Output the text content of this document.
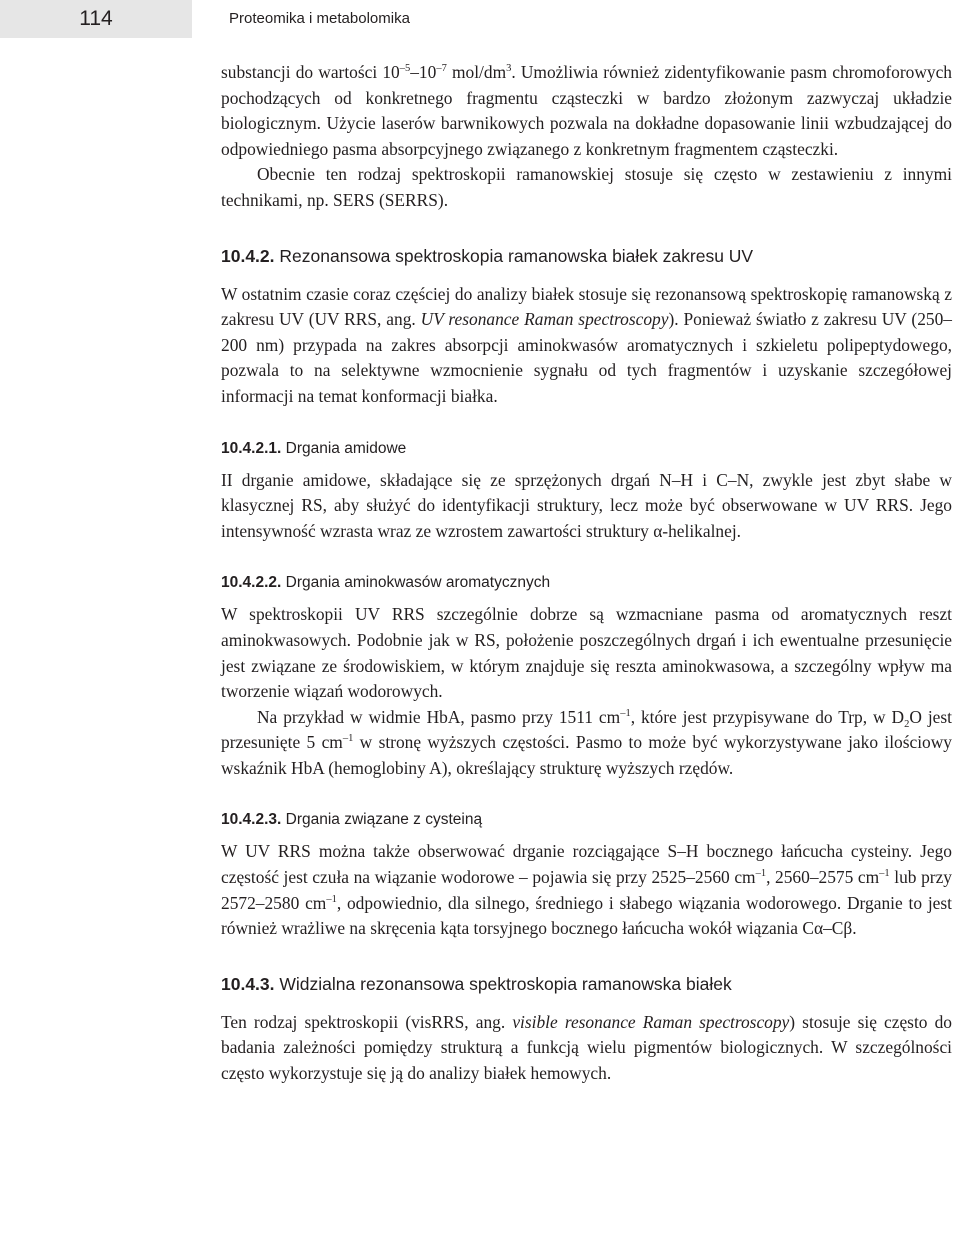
114	Proteomika i metabolomika

substancji do wartości $10^{-5}-10^{-7}$ mol/$dm^3$. Umożliwia również zidentyfikowanie pasm chromoforowych pochodzących od konkretnego fragmentu cząsteczki w bardzo złożonym zazwyczaj układzie biologicznym. Użycie laserów barwnikowych pozwala na dokładne dopasowanie linii wzbudzającej do odpowiedniego pasma absorpcyjnego związanego z konkretnym fragmentem cząsteczki.

Obecnie ten rodzaj spektroskopii ramanowskiej stosuje się często w zestawieniu z innymi technikami, np. SERS (SERRS).

10.4.2. Rezonansowa spektroskopia ramanowska białek zakresu UV

W ostatnim czasie coraz częściej do analizy białek stosuje się rezonansową spektroskopię ramanowską z zakresu UV (UV RRS, ang. UV resonance Raman spectroscopy). Ponieważ światło z zakresu UV (250–200 nm) przypada na zakres absorpcji aminokwasów aromatycznych i szkieletu polipeptydowego, pozwala to na selektywne wzmocnienie sygnału od tych fragmentów i uzyskanie szczegółowej informacji na temat konformacji białka.

10.4.2.1. Drgania amidowe

II drganie amidowe, składające się ze sprzężonych drgań N–H i C–N, zwykle jest zbyt słabe w klasycznej RS, aby służyć do identyfikacji struktury, lecz może być obserwowane w UV RRS. Jego intensywność wzrasta wraz ze wzrostem zawartości struktury α-helikalnej.

10.4.2.2. Drgania aminokwasów aromatycznych

W spektroskopii UV RRS szczególnie dobrze są wzmacniane pasma od aromatycznych reszt aminokwasowych. Podobnie jak w RS, położenie poszczególnych drgań i ich ewentualne przesunięcie jest związane ze środowiskiem, w którym znajduje się reszta aminokwasowa, a szczególny wpływ ma tworzenie wiązań wodorowych.

Na przykład w widmie HbA, pasmo przy 1511 $cm^{-1}$, które jest przypisywane do Trp, w $D_2O$ jest przesunięte 5 $cm^{-1}$ w stronę wyższych częstości. Pasmo to może być wykorzystywane jako ilościowy wskaźnik HbA (hemoglobiny A), określający strukturę wyższych rzędów.

10.4.2.3. Drgania związane z cysteiną

W UV RRS można także obserwować drganie rozciągające S–H bocznego łańcucha cysteiny. Jego częstość jest czuła na wiązanie wodorowe – pojawia się przy 2525–2560 $cm^{-1}$, 2560–2575 $cm^{-1}$ lub przy 2572–2580 $cm^{-1}$, odpowiednio, dla silnego, średniego i słabego wiązania wodorowego. Drganie to jest również wrażliwe na skręcenia kąta torsyjnego bocznego łańcucha wokół wiązania Cα–Cβ.

10.4.3. Widzialna rezonansowa spektroskopia ramanowska białek

Ten rodzaj spektroskopii (visRRS, ang. visible resonance Raman spectroscopy) stosuje się często do badania zależności pomiędzy strukturą a funkcją wielu pigmentów biologicznych. W szczególności często wykorzystuje się ją do analizy białek hemowych.
